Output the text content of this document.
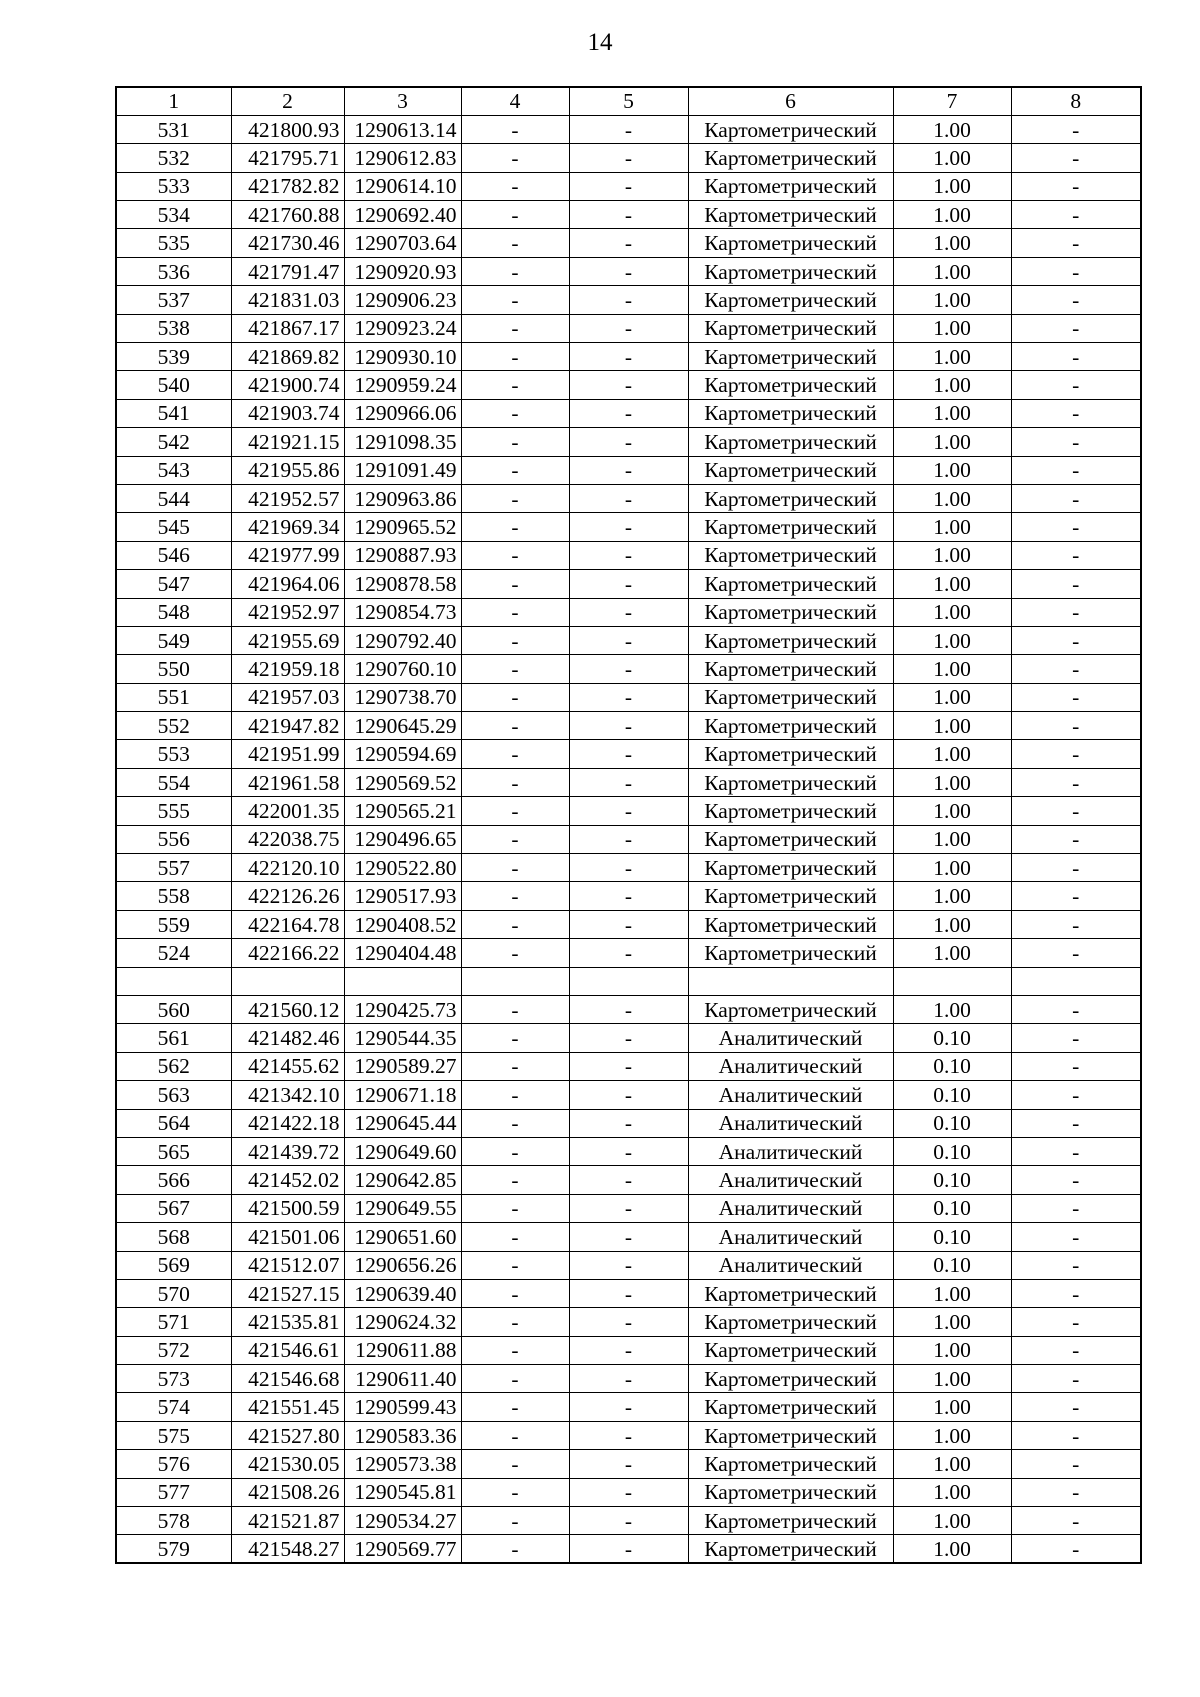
14
1	2	3	4	5	6	7	8
531	421800.93	1290613.14	-	-	Картометрический	1.00	-
532	421795.71	1290612.83	-	-	Картометрический	1.00	-
533	421782.82	1290614.10	-	-	Картометрический	1.00	-
534	421760.88	1290692.40	-	-	Картометрический	1.00	-
535	421730.46	1290703.64	-	-	Картометрический	1.00	-
536	421791.47	1290920.93	-	-	Картометрический	1.00	-
537	421831.03	1290906.23	-	-	Картометрический	1.00	-
538	421867.17	1290923.24	-	-	Картометрический	1.00	-
539	421869.82	1290930.10	-	-	Картометрический	1.00	-
540	421900.74	1290959.24	-	-	Картометрический	1.00	-
541	421903.74	1290966.06	-	-	Картометрический	1.00	-
542	421921.15	1291098.35	-	-	Картометрический	1.00	-
543	421955.86	1291091.49	-	-	Картометрический	1.00	-
544	421952.57	1290963.86	-	-	Картометрический	1.00	-
545	421969.34	1290965.52	-	-	Картометрический	1.00	-
546	421977.99	1290887.93	-	-	Картометрический	1.00	-
547	421964.06	1290878.58	-	-	Картометрический	1.00	-
548	421952.97	1290854.73	-	-	Картометрический	1.00	-
549	421955.69	1290792.40	-	-	Картометрический	1.00	-
550	421959.18	1290760.10	-	-	Картометрический	1.00	-
551	421957.03	1290738.70	-	-	Картометрический	1.00	-
552	421947.82	1290645.29	-	-	Картометрический	1.00	-
553	421951.99	1290594.69	-	-	Картометрический	1.00	-
554	421961.58	1290569.52	-	-	Картометрический	1.00	-
555	422001.35	1290565.21	-	-	Картометрический	1.00	-
556	422038.75	1290496.65	-	-	Картометрический	1.00	-
557	422120.10	1290522.80	-	-	Картометрический	1.00	-
558	422126.26	1290517.93	-	-	Картометрический	1.00	-
559	422164.78	1290408.52	-	-	Картометрический	1.00	-
524	422166.22	1290404.48	-	-	Картометрический	1.00	-

560	421560.12	1290425.73	-	-	Картометрический	1.00	-
561	421482.46	1290544.35	-	-	Аналитический	0.10	-
562	421455.62	1290589.27	-	-	Аналитический	0.10	-
563	421342.10	1290671.18	-	-	Аналитический	0.10	-
564	421422.18	1290645.44	-	-	Аналитический	0.10	-
565	421439.72	1290649.60	-	-	Аналитический	0.10	-
566	421452.02	1290642.85	-	-	Аналитический	0.10	-
567	421500.59	1290649.55	-	-	Аналитический	0.10	-
568	421501.06	1290651.60	-	-	Аналитический	0.10	-
569	421512.07	1290656.26	-	-	Аналитический	0.10	-
570	421527.15	1290639.40	-	-	Картометрический	1.00	-
571	421535.81	1290624.32	-	-	Картометрический	1.00	-
572	421546.61	1290611.88	-	-	Картометрический	1.00	-
573	421546.68	1290611.40	-	-	Картометрический	1.00	-
574	421551.45	1290599.43	-	-	Картометрический	1.00	-
575	421527.80	1290583.36	-	-	Картометрический	1.00	-
576	421530.05	1290573.38	-	-	Картометрический	1.00	-
577	421508.26	1290545.81	-	-	Картометрический	1.00	-
578	421521.87	1290534.27	-	-	Картометрический	1.00	-
579	421548.27	1290569.77	-	-	Картометрический	1.00	-
